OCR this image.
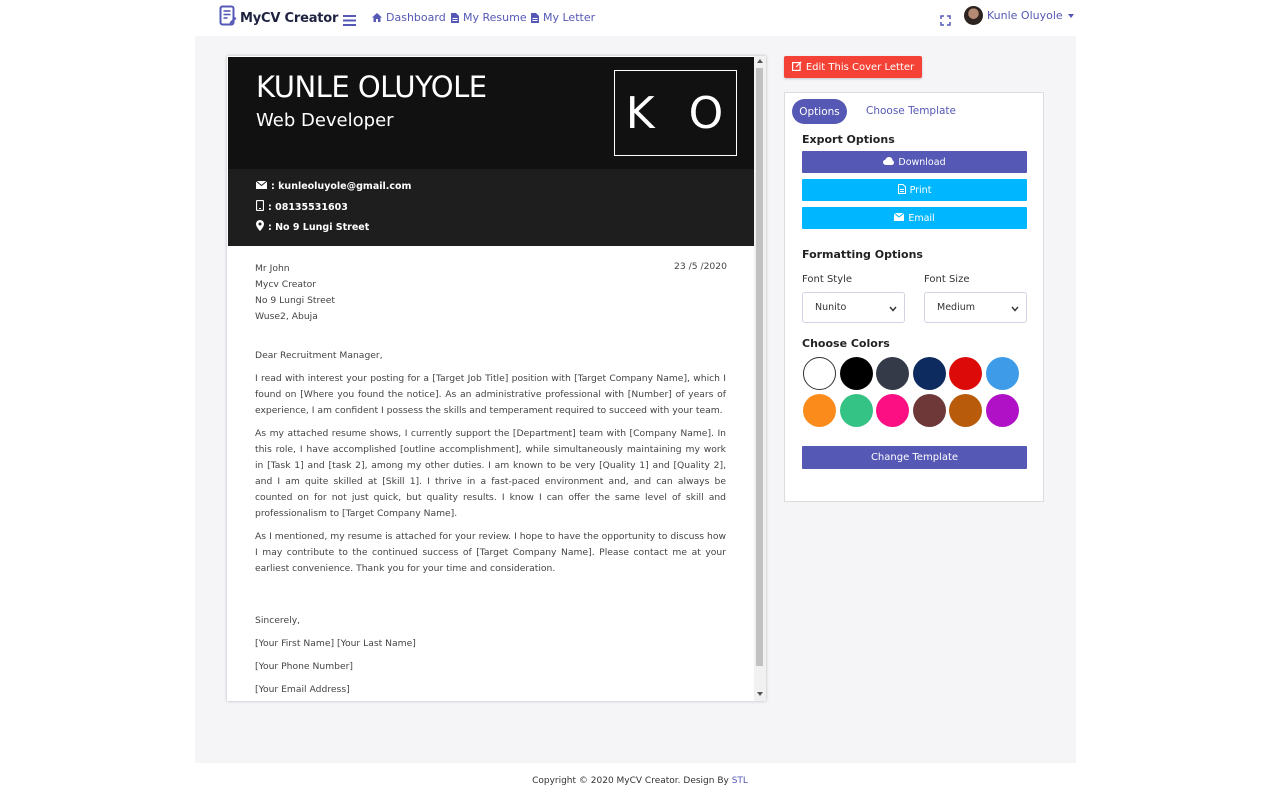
MyCV Creator	Dashboard My Resume My Letter	Kunle Oluyole
KUNLE OLUYOLE
Web Developer	K O
: kunleoluyole@gmail.com
: 08135531603
: No 9 Lungi Street
23 /5 /2020
Mr John
Mycv Creator
No 9 Lungi Street
Wuse2, Abuja
Dear Recruitment Manager,
I read with interest your posting for a [Target Job Title] position with [Target Company Name], which I found on [Where you found the notice]. As an administrative professional with [Number] of years of experience, I am confident I possess the skills and temperament required to succeed with your team.
As my attached resume shows, I currently support the [Department] team with [Company Name]. In this role, I have accomplished [outline accomplishment], while simultaneously maintaining my work in [Task 1] and [task 2], among my other duties. I am known to be very [Quality 1] and [Quality 2], and I am quite skilled at [Skill 1]. I thrive in a fast-paced environment and, and can always be counted on for not just quick, but quality results. I know I can offer the same level of skill and professionalism to [Target Company Name].
As I mentioned, my resume is attached for your review. I hope to have the opportunity to discuss how I may contribute to the continued success of [Target Company Name]. Please contact me at your earliest convenience. Thank you for your time and consideration.
Sincerely,
[Your First Name] [Your Last Name]
[Your Phone Number]
[Your Email Address]
Edit This Cover Letter
Options	Choose Template
Export Options
Download
Print
Email
Formatting Options
Font Style	Font Size
Nunito	Medium
Choose Colors
Change Template
Copyright © 2020 MyCV Creator. Design By STL
